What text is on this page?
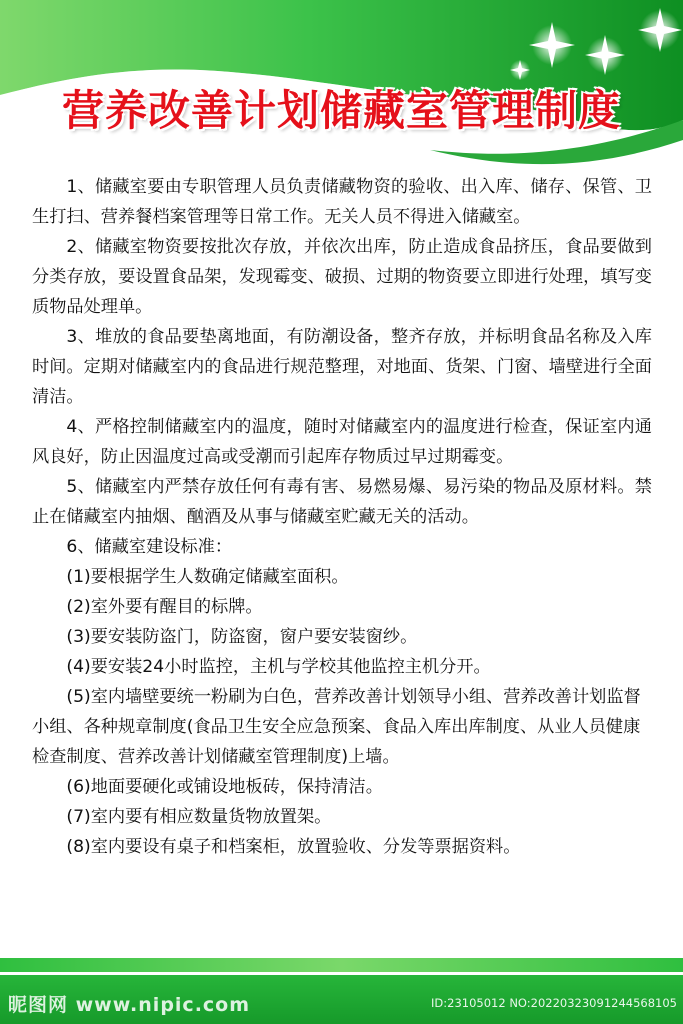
营养改善计划储藏室管理制度

1、储藏室要由专职管理人员负责储藏物资的验收、出入库、储存、保管、卫生打扫、营养餐档案管理等日常工作。无关人员不得进入储藏室。

2、储藏室物资要按批次存放，并依次出库，防止造成食品挤压，食品要做到分类存放，要设置食品架，发现霉变、破损、过期的物资要立即进行处理，填写变质物品处理单。

3、堆放的食品要垫离地面，有防潮设备，整齐存放，并标明食品名称及入库时间。定期对储藏室内的食品进行规范整理，对地面、货架、门窗、墙壁进行全面清洁。

4、严格控制储藏室内的温度，随时对储藏室内的温度进行检查，保证室内通风良好，防止因温度过高或受潮而引起库存物质过早过期霉变。

5、储藏室内严禁存放任何有毒有害、易燃易爆、易污染的物品及原材料。禁止在储藏室内抽烟、酗酒及从事与储藏室贮藏无关的活动。

6、储藏室建设标准：

(1)要根据学生人数确定储藏室面积。

(2)室外要有醒目的标牌。

(3)要安装防盗门，防盗窗，窗户要安装窗纱。

(4)要安装24小时监控，主机与学校其他监控主机分开。

(5)室内墙壁要统一粉刷为白色，营养改善计划领导小组、营养改善计划监督小组、各种规章制度(食品卫生安全应急预案、食品入库出库制度、从业人员健康检查制度、营养改善计划储藏室管理制度)上墙。

(6)地面要硬化或铺设地板砖，保持清洁。

(7)室内要有相应数量货物放置架。

(8)室内要设有桌子和档案柜，放置验收、分发等票据资料。

昵图网 www.nipic.com	ID:23105012 NO:20220323091244568105
